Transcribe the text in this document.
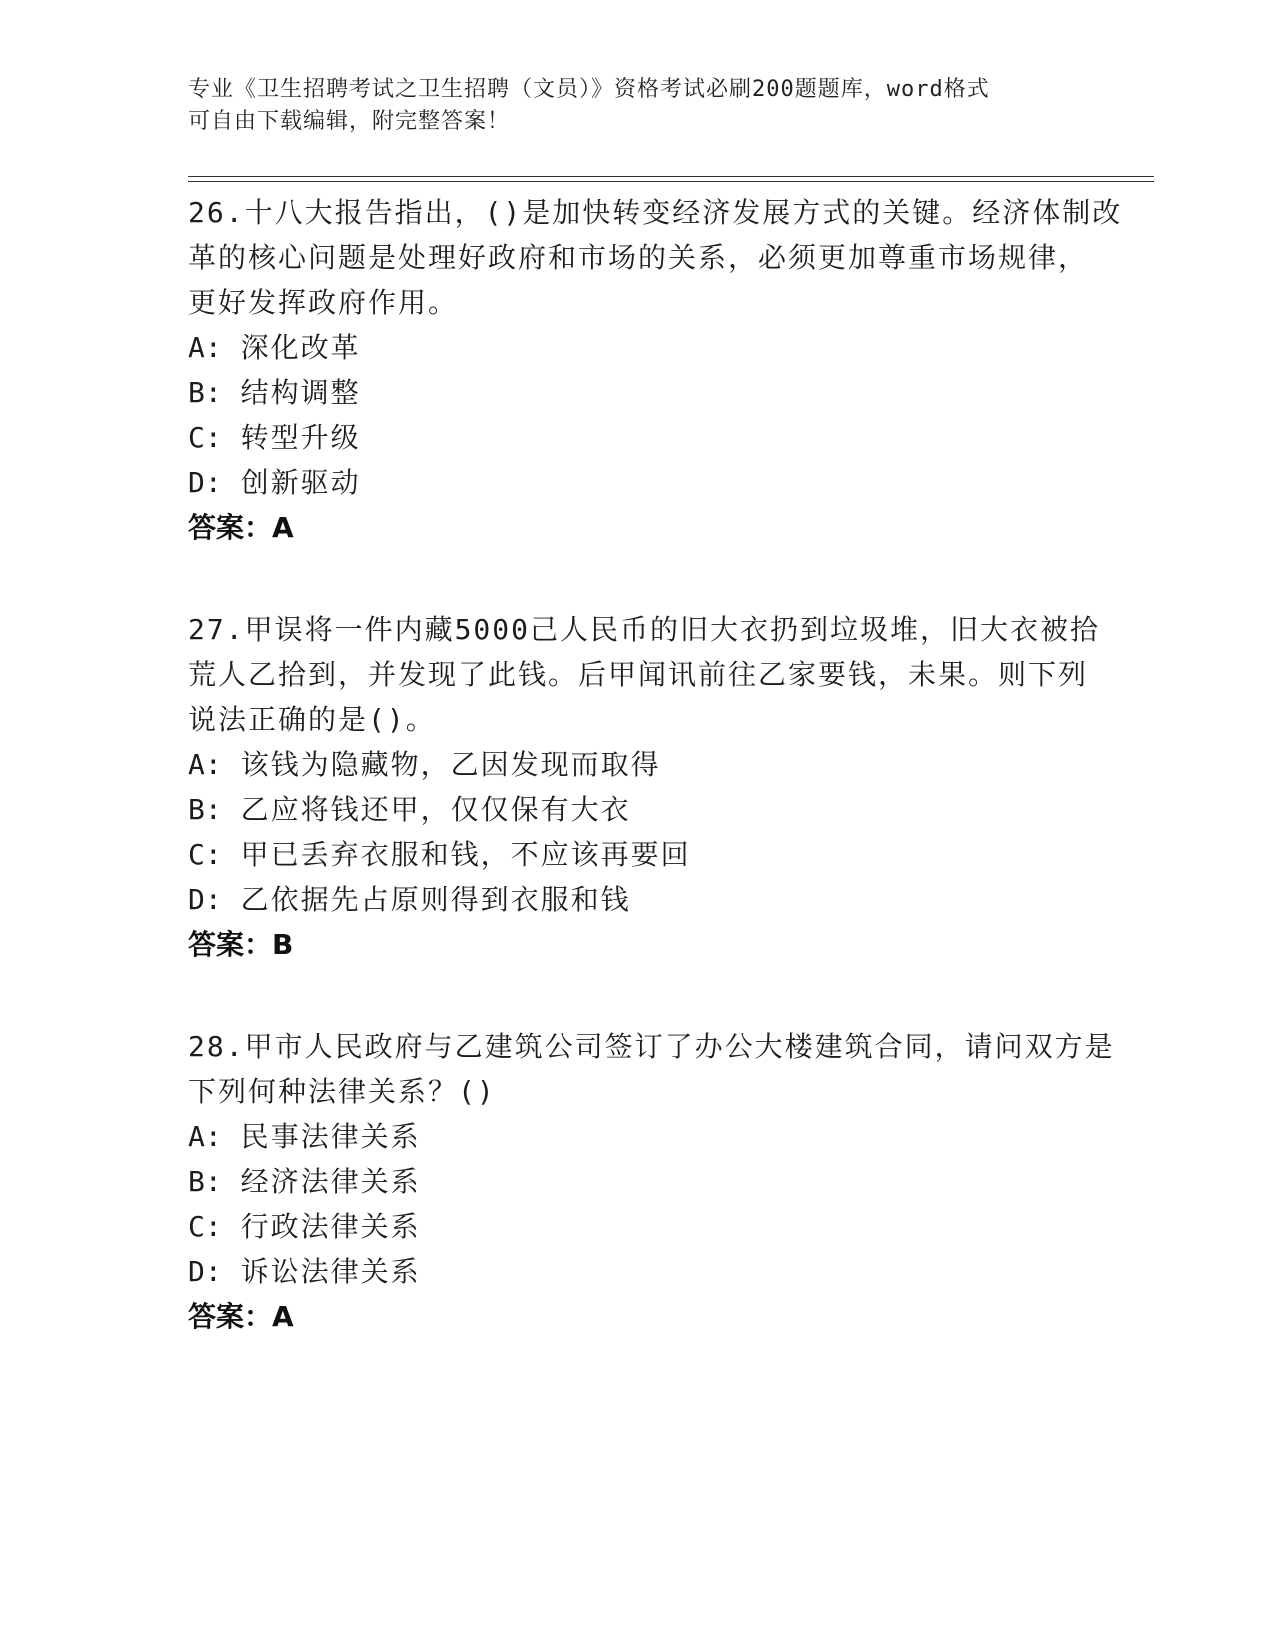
专业《卫生招聘考试之卫生招聘（文员）》资格考试必刷200题题库，word格式
可自由下载编辑，附完整答案！
26.十八大报告指出，()是加快转变经济发展方式的关键。经济体制改
革的核心问题是处理好政府和市场的关系，必须更加尊重市场规律，
更好发挥政府作用。
A: 深化改革
B: 结构调整
C: 转型升级
D: 创新驱动
答案：A
27.甲误将一件内藏5000己人民币的旧大衣扔到垃圾堆，旧大衣被拾
荒人乙拾到，并发现了此钱。后甲闻讯前往乙家要钱，未果。则下列
说法正确的是()。
A: 该钱为隐藏物，乙因发现而取得
B: 乙应将钱还甲，仅仅保有大衣
C: 甲已丢弃衣服和钱，不应该再要回
D: 乙依据先占原则得到衣服和钱
答案：B
28.甲市人民政府与乙建筑公司签订了办公大楼建筑合同，请问双方是
下列何种法律关系？()
A: 民事法律关系
B: 经济法律关系
C: 行政法律关系
D: 诉讼法律关系
答案：A
